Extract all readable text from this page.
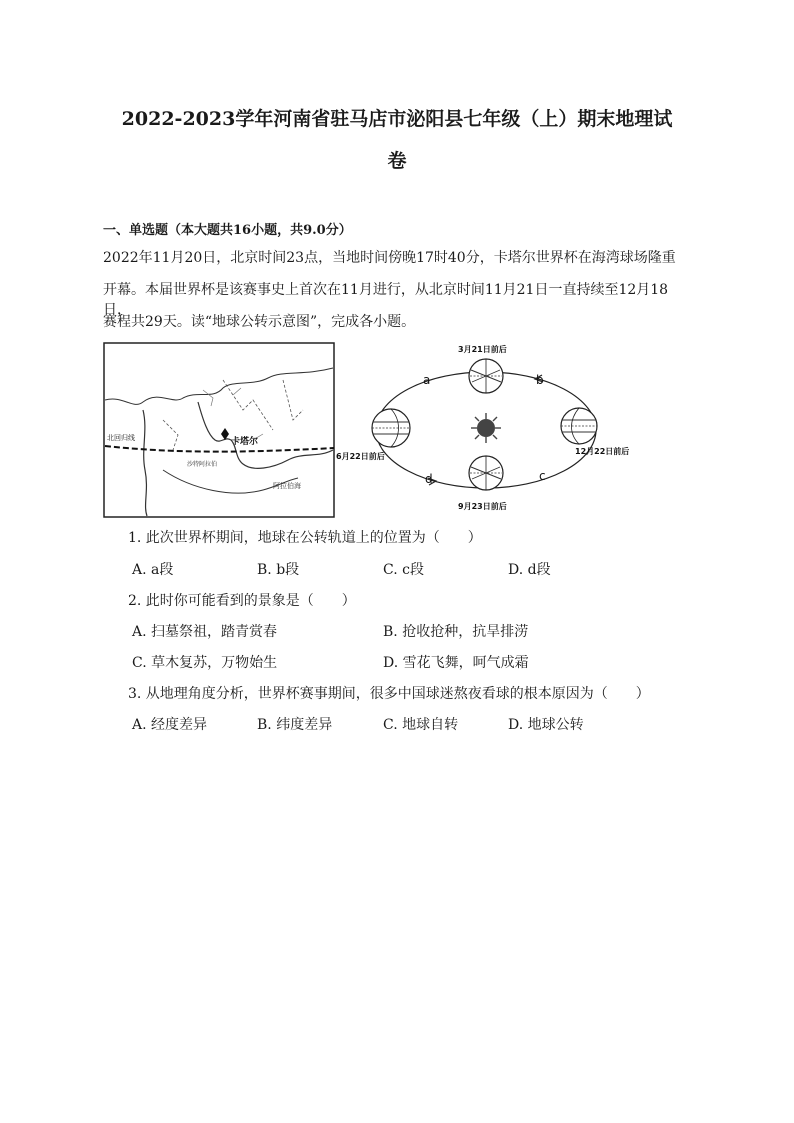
2022-2023学年河南省驻马店市泌阳县七年级（上）期末地理试
卷
一、单选题（本大题共16小题，共9.0分）
2022年11月20日，北京时间23点，当地时间傍晚17时40分，卡塔尔世界杯在海湾球场隆重
开幕。本届世界杯是该赛事史上首次在11月进行，从北京时间11月21日一直持续至12月18日，
赛程共29天。读“地球公转示意图”，完成各小题。
北回归线	卡塔尔
沙特阿拉伯
阿拉伯海
3月21日前后
6月22日前后
12月22日前后
9月23日前后
a	b
c
d
1. 此次世界杯期间，地球在公转轨道上的位置为（　　）
A. a段	B. b段	C. c段	D. d段
2. 此时你可能看到的景象是（　　）
A. 扫墓祭祖，踏青赏春	B. 抢收抢种，抗旱排涝
C. 草木复苏，万物始生	D. 雪花飞舞，呵气成霜
3. 从地理角度分析，世界杯赛事期间，很多中国球迷熬夜看球的根本原因为（　　）
A. 经度差异	B. 纬度差异	C. 地球自转	D. 地球公转
